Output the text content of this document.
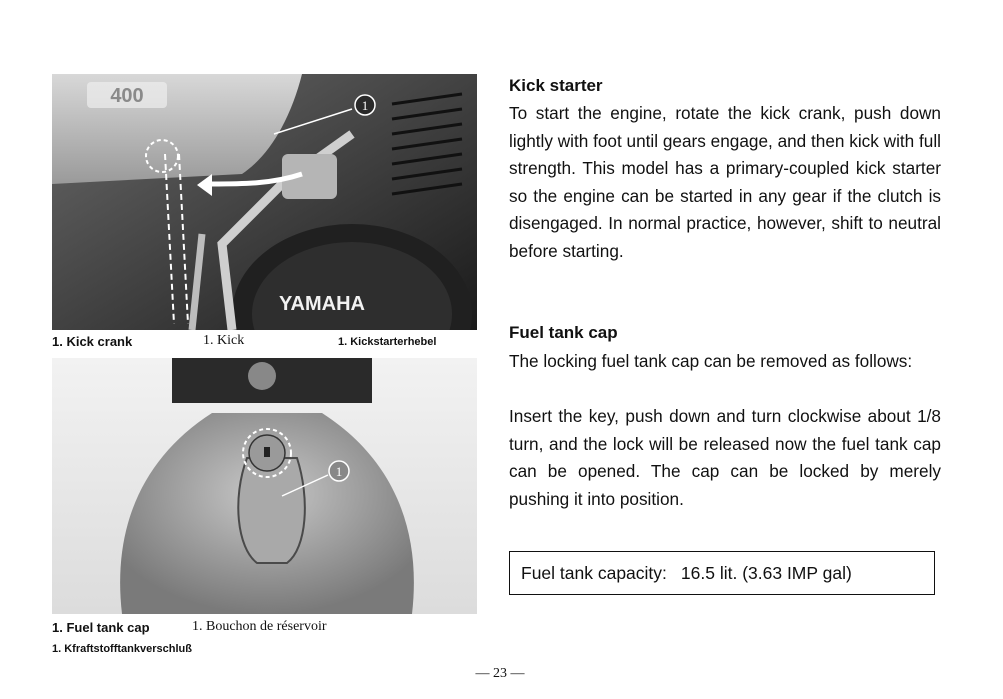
1
400
YAMAHA
1. Kick crank	1. Kick	1. Kickstarterhebel
1
1. Fuel tank cap	1. Bouchon de réservoir
1. Kfraftstofftankverschluß
Kick starter
To start the engine, rotate the kick crank, push down lightly with foot until gears engage, and then kick with full strength. This model has a primary-coupled kick starter so the engine can be started in any gear if the clutch is disengaged. In normal practice, however, shift to neutral before starting.
Fuel tank cap
The locking fuel tank cap can be removed as follows:
Insert the key, push down and turn clockwise about 1/8 turn, and the lock will be released now the fuel tank cap can be opened. The cap can be locked by merely pushing it into position.
Fuel tank capacity: 16.5 lit. (3.63 IMP gal)
— 23 —
